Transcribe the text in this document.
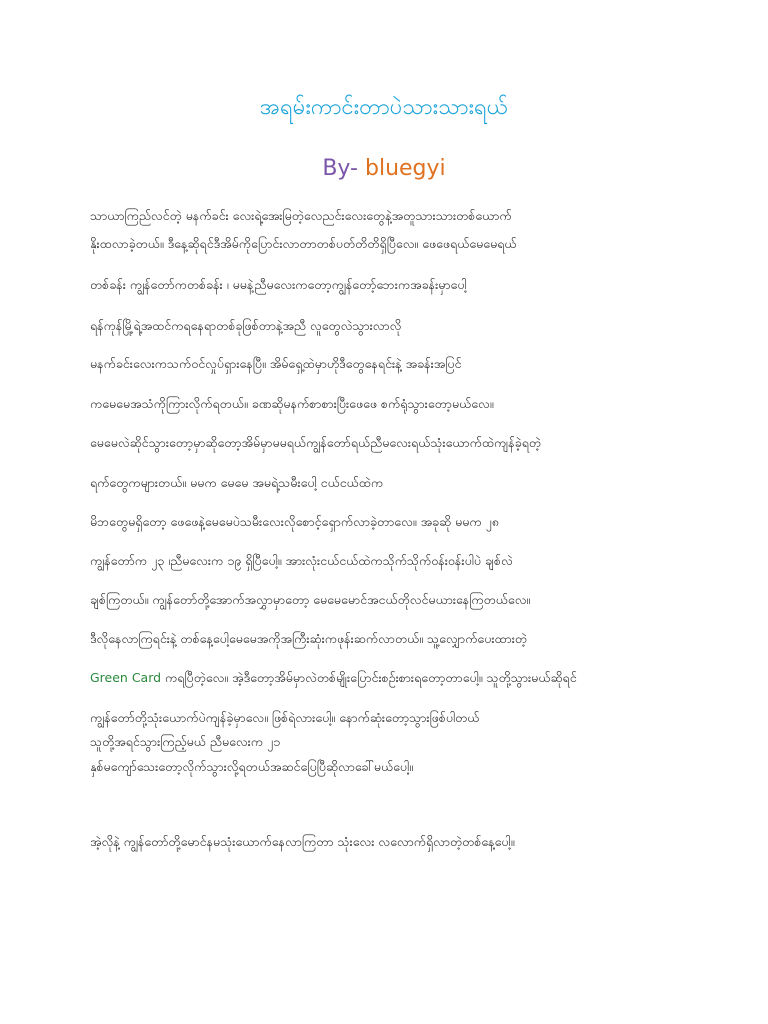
အရမ်းကာင်းတာပဲသားသားရယ်
By- bluegyi
သာယာကြည်လင်တဲ့ မနက်ခင်း လေးရဲ့အေးမြတဲ့လေညင်းလေးတွေနဲ့အတူသားသားတစ်ယောက်
နိုးထလာခဲ့တယ်။ ဒီနေ့ဆိုရင်ဒီအိမ်ကိုပြောင်းလာတာတစ်ပတ်တိတိရှိပြီလေ။ ဖေဖေရယ်မေမေရယ်
တစ်ခန်း ကျွန်တော်ကတစ်ခန်း ၊ မမနဲ့ညီမလေးကတော့ကျွန်တော့်ဘေးကအခန်းမှာပေါ့
ရန်ကုန်မြို့ရဲ့အထင်ကရနေရာတစ်ခုဖြစ်တာနဲ့အညီ လူတွေလဲသွားလာလို
မနက်ခင်းလေးကသက်ဝင်လှုပ်ရှားနေပြီ။ အိမ်ရှေ့ထဲမှာဟိုဒီတွေနေရင်းနဲ့ အခန်းအပြင်
ကမေမေအသံကိုကြားလိုက်ရတယ်။ ခဏဆိုမနက်စာစားပြီးဖေဖေ စက်ရုံသွားတော့မယ်လေ။
မေမေလဲဆိုင်သွားတော့မှာဆိုတော့အိမ်မှာမမရယ်ကျွန်တော်ရယ်ညီမလေးရယ်သုံးယောက်ထဲကျန်ခဲ့ရတဲ့
ရက်တွေကများတယ်။ မမက မေမေ အမရဲ့သမီးပေါ့ ငယ်ငယ်ထဲက
မိဘတွေမရှိတော့ ဖေဖေနဲ့မေမေပဲသမီးလေးလိုစောင့်ရှောက်လာခဲ့တာလေ။ အခုဆို မမက ၂၈
ကျွန်တော်က ၂၃ ၊ညီမလေးက ၁၉ ရှိပြီပေါ့။ အားလုံးငယ်ငယ်ထဲကသိုက်သိုက်ဝန်းဝန်းပါပဲ ချစ်လဲ
ချစ်ကြတယ်။ ကျွန်တော်တို့အောက်အလွှာမှာတော့ မေမေမောင်အငယ်တိုလင်မယားနေကြတယ်လေ။
ဒီလိုနေလာကြရင်းနဲ့ တစ်နေ့ပေါ့မေမေအကိုအကြီးဆုံးကဖုန်းဆက်လာတယ်။ သူ့လျှောက်ပေးထားတဲ့
Green Card ကရပြီတဲ့လေ။ အဲ့ဒီတော့အိမ်မှာလဲတစ်မျိုးပြောင်းစဉ်းစားရတော့တာပေါ့။ သူတို့သွားမယ်ဆိုရင်
ကျွန်တော်တို့သုံးယောက်ပဲကျန်ခဲ့မှာလေ။ ဖြစ်ရဲလားပေါ့။ နောက်ဆုံးတော့သွားဖြစ်ပါတယ်
သူတို့အရင်သွားကြည့်မယ် ညီမလေးက ၂၁
နှစ်မကျော်သေးတော့လိုက်သွားလို့ရတယ်အဆင်ပြေပြီဆိုလာခေါ်မယ်ပေါ့။
အဲ့လိုနဲ့ ကျွန်တော်တို့မောင်နမသုံးယောက်နေလာကြတာ သုံးလေး လလောက်ရှိလာတဲ့တစ်နေ့ပေါ့။
